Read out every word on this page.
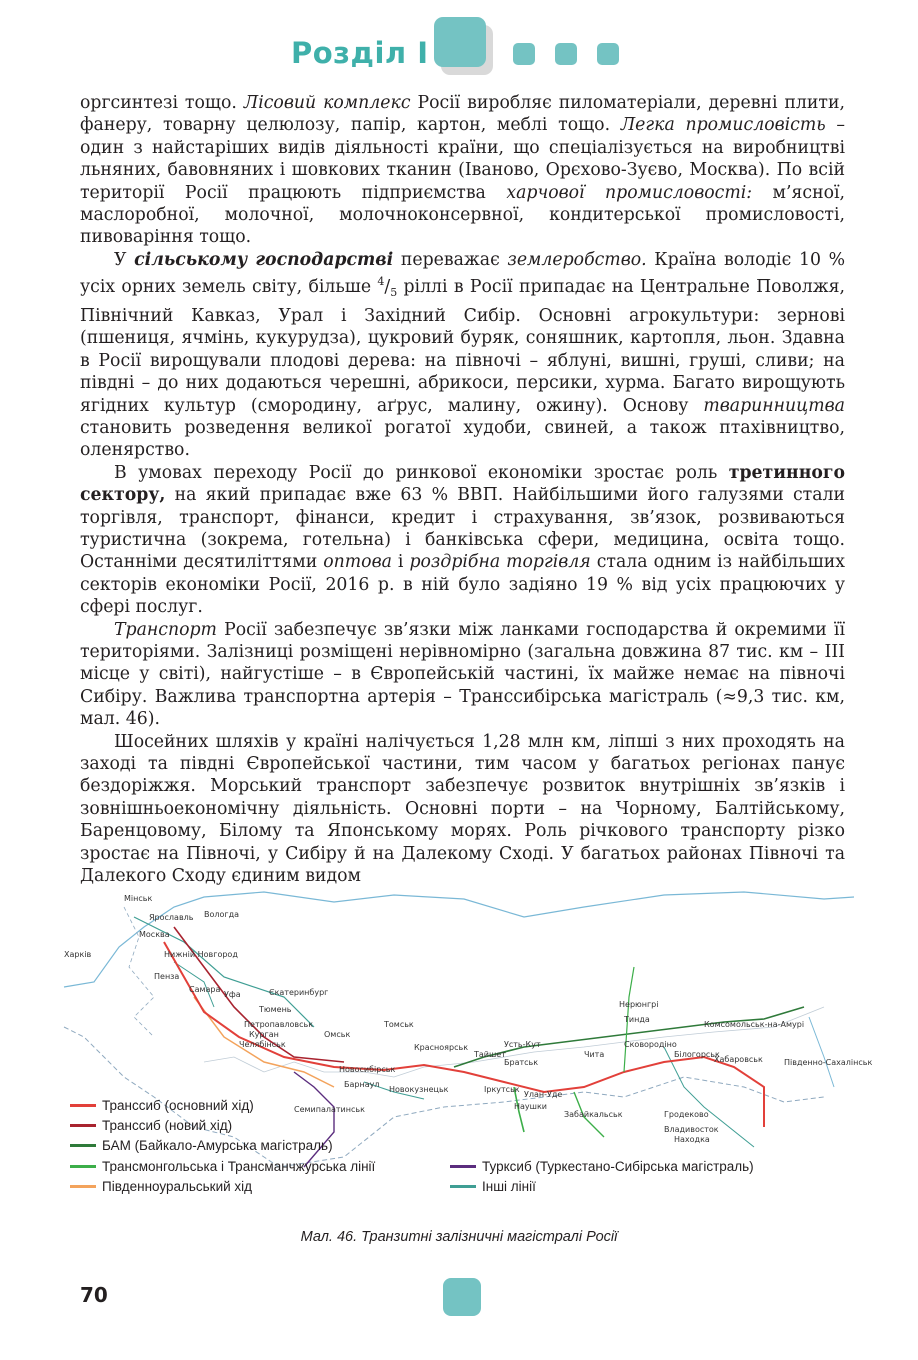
Розділ I

оргсинтезі тощо. Лісовий комплекс Росії виробляє пиломатеріали, деревні плити, фанеру, товарну целюлозу, папір, картон, меблі тощо. Легка промисловість – один з найстаріших видів діяльності країни, що спеціалізується на виробництві льняних, бавовняних і шовкових тканин (Іваново, Орєхово-Зуєво, Москва). По всій території Росії працюють підприємства харчової промисловості: м’ясної, маслоробної, молочної, молочноконсервної, кондитерської промисловості, пивоваріння тощо.

У сільському господарстві переважає землеробство. Країна володіє 10 % усіх орних земель світу, більше $^4/_5$ ріллі в Росії припадає на Центральне Поволжя, Північний Кавказ, Урал і Західний Сибір. Основні агрокультури: зернові (пшениця, ячмінь, кукурудза), цукровий буряк, соняшник, картопля, льон. Здавна в Росії вирощували плодові дерева: на півночі – яблуні, вишні, груші, сливи; на півдні – до них додаються черешні, абрикоси, персики, хурма. Багато вирощують ягідних культур (смородину, аґрус, малину, ожину). Основу тваринництва становить розведення великої рогатої худоби, свиней, а також птахівництво, оленярство.

В умовах переходу Росії до ринкової економіки зростає роль третинного сектору, на який припадає вже 63 % ВВП. Найбільшими його галузями стали торгівля, транспорт, фінанси, кредит і страхування, зв’язок, розвиваються туристична (зокрема, готельна) і банківська сфери, медицина, освіта тощо. Останніми десятиліттями оптова і роздрібна торгівля стала одним із найбільших секторів економіки Росії, 2016 р. в ній було задіяно 19 % від усіх працюючих у сфері послуг.

Транспорт Росії забезпечує зв’язки між ланками господарства й окремими її територіями. Залізниці розміщені нерівномірно (загальна довжина 87 тис. км – III місце у світі), найгустіше – в Європейській частині, їх майже немає на півночі Сибіру. Важлива транспортна артерія – Транссибірська магістраль (≈9,3 тис. км, мал. 46).

Шосейних шляхів у країні налічується 1,28 млн км, ліпші з них проходять на заході та півдні Європейської частини, тим часом у багатьох регіонах панує бездоріжжя. Морський транспорт забезпечує розвиток внутрішніх зв’язків і зовнішньоекономічну діяльність. Основні порти – на Чорному, Балтійському, Баренцовому, Білому та Японському морях. Роль річкового транспорту різко зростає на Півночі, у Сибіру й на Далекому Сході. У багатьох районах Півночі та Далекого Сходу єдиним видом

Мінськ
Ярославль Вологда
Москва
Харків	Нижній Новгород
Пенза
Самара
Уфа	Єкатеринбург
Тюмень
Омськ
Новосибірськ
Томськ
Красноярськ
Тайшет
Братськ
Усть-Кут
Іркутськ
Улан-Уде
Чита
Наушки
Сковородіно
Нерюнгрі
Тинда
Комсомольськ-на-Амурі
Білогорськ
Хабаровськ	Південно-Сахалінськ
Гродеково
Владивосток
Находка
Семипалатинськ
Петропавловськ
Курган
Челябінськ
Барнаул
Новокузнецьк
Забайкальськ
Транссиб (основний хід)
Транссиб (новий хід)
БАМ (Байкало-Амурська магістраль)
Трансмонгольська і Трансманчжурська лінії
Південноуральський хід
Турксиб (Туркестано-Сибірська магістраль)
Інші лінії
Мал. 46. Транзитні залізничні магістралі Росії
70
